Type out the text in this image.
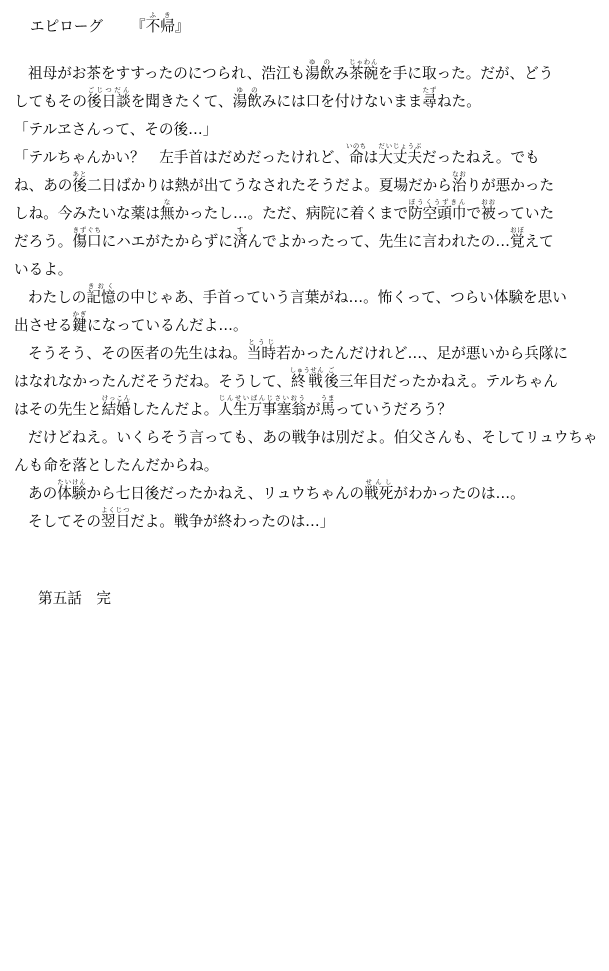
エピローグ 『不帰ふき』
祖母がお茶をすすったのにつられ、浩江も湯飲ゆのみ茶碗じゃわんを手に取った。だが、どう
してもその後日談ごじつだんを聞きたくて、湯飲ゆのみには口を付けないまま尋たずねた。
「テルヱさんって、その後…」
「テルちゃんかい？　左手首はだめだったけれど、命いのちは大丈夫だいじょうぶだったねえ。でも
ね、あの後あと二日ばかりは熱が出てうなされたそうだよ。夏場だから治なおりが悪かった
しね。今みたいな薬は無なかったし…。ただ、病院に着くまで防空頭巾ぼうくうずきんで被おおっていた
だろう。傷口きずぐちにハエがたからずに済すんでよかったって、先生に言われたの…覚おぼえて
いるよ。
わたしの記憶きおくの中じゃあ、手首っていう言葉がね…。怖くって、つらい体験を思い
出させる鍵かぎになっているんだよ…。
そうそう、その医者の先生はね。当時とうじ若かったんだけれど…、足が悪いから兵隊に
はなれなかったんだそうだね。そうして、終戦しゅうせん後ご三年目だったかねえ。テルちゃん
はその先生と結婚けっこんしたんだよ。人生万事塞翁じんせいばんじさいおうが馬うまっていうだろう？
だけどねえ。いくらそう言っても、あの戦争は別だよ。伯父さんも、そしてリュウちゃ
んも命を落としたんだからね。
あの体験たいけんから七日後だったかねえ、リュウちゃんの戦死せんしがわかったのは…。
そしてその翌日よくじつだよ。戦争が終わったのは…」
第五話　完
